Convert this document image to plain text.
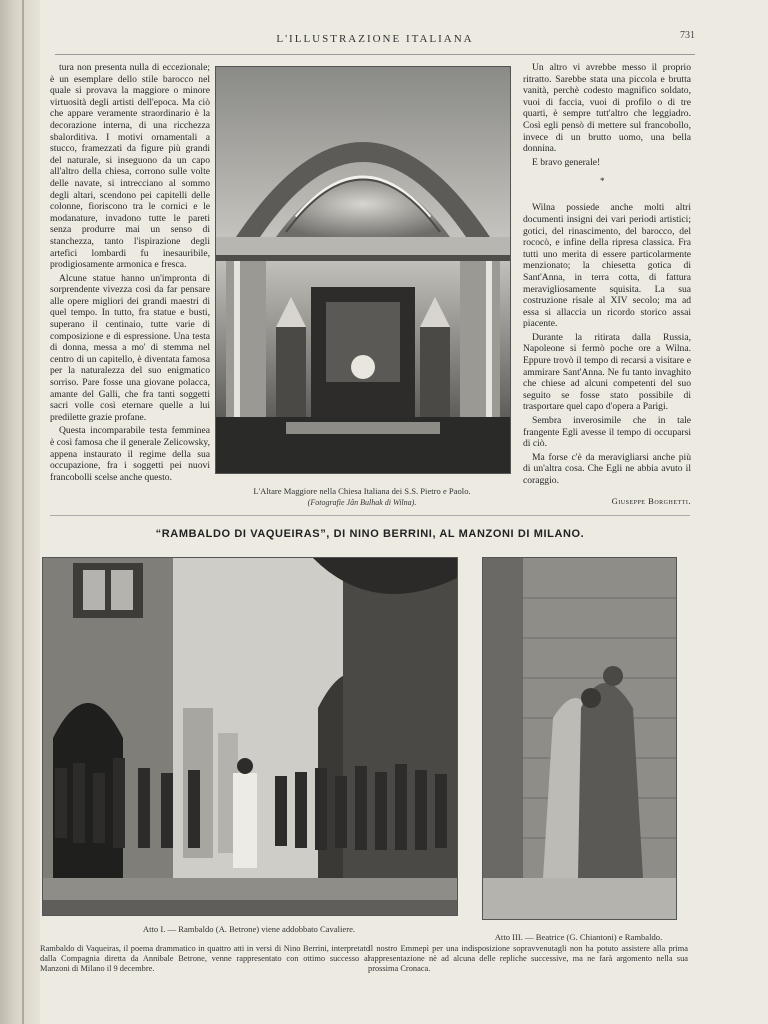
L'ILLUSTRAZIONE ITALIANA	731

tura non presenta nulla di eccezionale; è un esemplare dello stile barocco nel quale si provava la maggiore o minore virtuosità degli artisti dell'epoca. Ma ciò che appare veramente straordinario è la decorazione interna, di una ricchezza sbalorditiva. I motivi ornamentali a stucco, framezzati da figure più grandi del naturale, si inseguono da un capo all'altro della chiesa, corrono sulle volte delle navate, si intrecciano al sommo degli altari, scendono pei capitelli delle colonne, fioriscono tra le cornici e le modanature, invadono tutte le pareti senza produrre mai un senso di stanchezza, tanto l'ispirazione degli artefici lombardi fu inesauribile, prodigiosamente armonica e fresca.

Alcune statue hanno un'impronta di sorprendente vivezza così da far pensare alle opere migliori dei grandi maestri di quel tempo. In tutto, fra statue e busti, superano il centinaio, tutte varie di composizione e di espressione. Una testa di donna, messa a mo' di stemma nel centro di un capitello, è diventata famosa per la naturalezza del suo enigmatico sorriso. Pare fosse una giovane polacca, amante del Galli, che fra tanti soggetti sacri volle così eternare quelle a lui predilette grazie profane.

Questa incomparabile testa femminea è così famosa che il generale Zelicowsky, appena instaurato il regime della sua occupazione, fra i soggetti pei nuovi francobolli scelse anche questo.

L'Altare Maggiore nella Chiesa Italiana dei S.S. Pietro e Paolo.
(Fotografie Jân Bulhak di Wilna).

Un altro vi avrebbe messo il proprio ritratto. Sarebbe stata una piccola e brutta vanità, perchè codesto magnifico soldato, vuoi di faccia, vuoi di profilo o di tre quarti, è sempre tutt'altro che leggiadro. Così egli pensò di mettere sul francobollo, invece di un brutto uomo, una bella donnina.

E bravo generale!

Wilna possiede anche molti altri documenti insigni dei vari periodi artistici; gotici, del rinascimento, del barocco, del rococò, e infine della ripresa classica. Fra tutti uno merita di essere particolarmente menzionato; la chiesetta gotica di Sant'Anna, in terra cotta, di fattura meravigliosamente squisita. La sua costruzione risale al XIV secolo; ma ad essa si allaccia un ricordo storico assai piacente.

Durante la ritirata dalla Russia, Napoleone si fermò poche ore a Wilna. Eppure trovò il tempo di recarsi a visitare e ammirare Sant'Anna. Ne fu tanto invaghito che chiese ad alcuni competenti del suo seguito se fosse stato possibile di trasportare quel capo d'opera a Parigi.

Sembra inverosimile che in tale frangente Egli avesse il tempo di occuparsi di ciò.

Ma forse c'è da meravigliarsi anche più di un'altra cosa. Che Egli ne abbia avuto il coraggio.

*
Giuseppe Borghetti.
“RAMBALDO DI VAQUEIRAS”, DI NINO BERRINI, AL MANZONI DI MILANO.
Atto I. — Rambaldo (A. Betrone) viene addobbato Cavaliere.
Atto III. — Beatrice (G. Chiantoni) e Rambaldo.
Rambaldo di Vaqueiras, il poema drammatico in quattro atti in versi di Nino Berrini, interpretato dalla Compagnia diretta da Annibale Betrone, venne rappresentato con ottimo successo al Manzoni di Milano il 9 decembre.
Il nostro Emmepì per una indisposizione sopravvenutagli non ha potuto assistere alla prima rappresentazione nè ad alcuna delle repliche successive, ma ne farà argomento nella sua prossima Cronaca.
